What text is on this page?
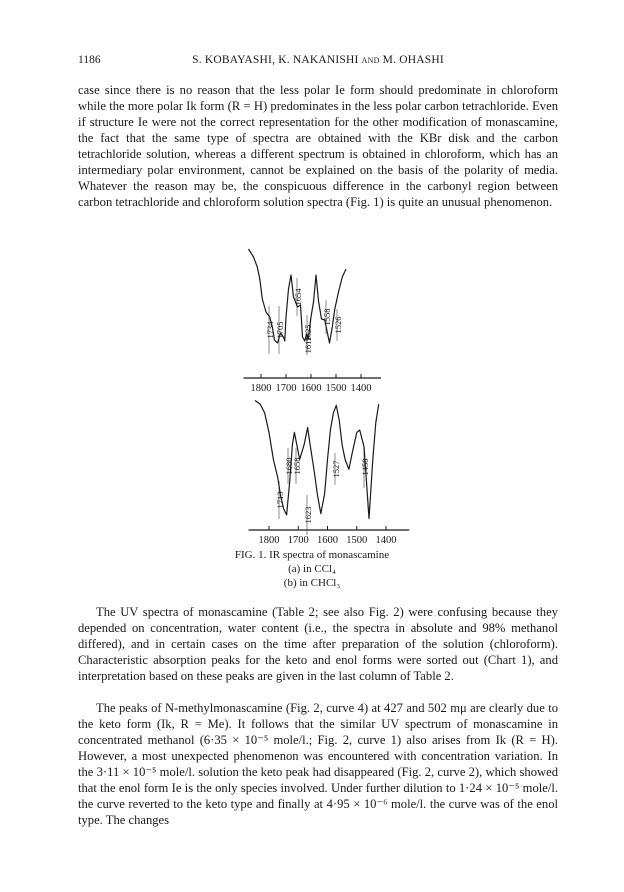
1186	S. KOBAYASHI, K. NAKANISHI and M. OHASHI

case since there is no reason that the less polar Ie form should predominate in chloroform while the more polar Ik form (R = H) predominates in the less polar carbon tetrachloride. Even if structure Ie were not the correct representation for the other modification of monascamine, the fact that the same type of spectra are obtained with the KBr disk and the carbon tetrachloride solution, whereas a different spectrum is obtained in chloroform, which has an intermediary polar environment, cannot be explained on the basis of the polarity of media. Whatever the reason may be, the conspicuous difference in the carbonyl region between carbon tetrachloride and chloroform solution spectra (Fig. 1) is quite an unusual phenomenon.

1800 1700 1600 1500 1400
1734 1705
1654
1625
1611
1558 1526
1800 1700 1600 1500 1400
1713
1680
1658
1623
1527 1458
FIG. 1. IR spectra of monascamine
(a) in CCl₄
(b) in CHCl₃

The UV spectra of monascamine (Table 2; see also Fig. 2) were confusing because they depended on concentration, water content (i.e., the spectra in absolute and 98% methanol differed), and in certain cases on the time after preparation of the solution (chloroform). Characteristic absorption peaks for the keto and enol forms were sorted out (Chart 1), and interpretation based on these peaks are given in the last column of Table 2.

The peaks of N-methylmonascamine (Fig. 2, curve 4) at 427 and 502 mμ are clearly due to the keto form (Ik, R = Me). It follows that the similar UV spectrum of monascamine in concentrated methanol (6·35 × 10⁻⁵ mole/l.; Fig. 2, curve 1) also arises from Ik (R = H). However, a most unexpected phenomenon was encountered with concentration variation. In the 3·11 × 10⁻⁵ mole/l. solution the keto peak had disappeared (Fig. 2, curve 2), which showed that the enol form Ie is the only species involved. Under further dilution to 1·24 × 10⁻⁵ mole/l. the curve reverted to the keto type and finally at 4·95 × 10⁻⁶ mole/l. the curve was of the enol type. The changes
